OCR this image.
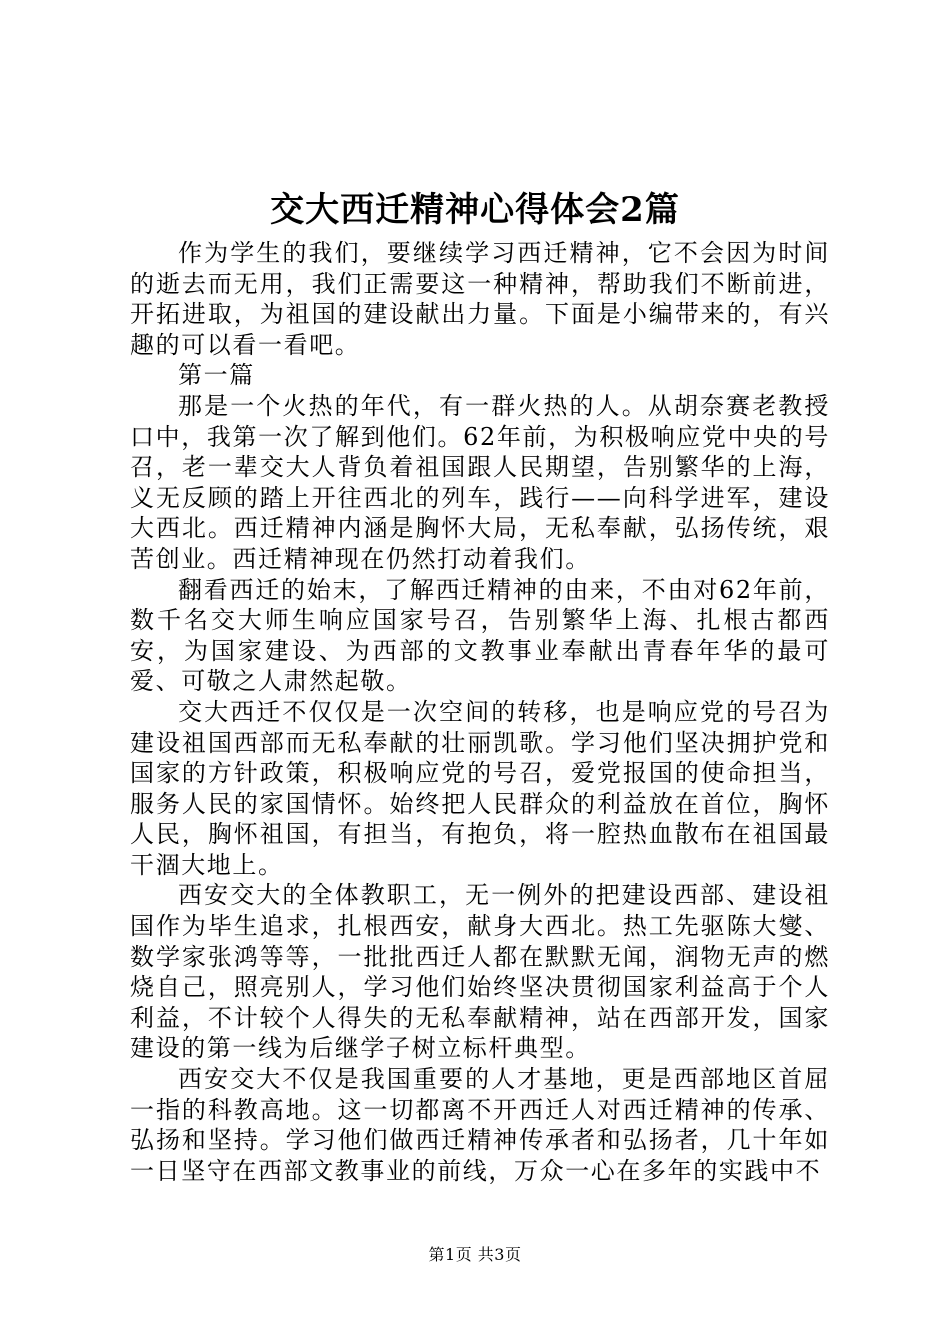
交大西迁精神心得体会2篇

作为学生的我们，要继续学习西迁精神，它不会因为时间的逝去而无用，我们正需要这一种精神，帮助我们不断前进，开拓进取，为祖国的建设献出力量。下面是小编带来的，有兴趣的可以看一看吧。

第一篇

那是一个火热的年代，有一群火热的人。从胡奈赛老教授口中，我第一次了解到他们。62年前，为积极响应党中央的号召，老一辈交大人背负着祖国跟人民期望，告别繁华的上海，义无反顾的踏上开往西北的列车，践行——向科学进军，建设大西北。西迁精神内涵是胸怀大局，无私奉献，弘扬传统，艰苦创业。西迁精神现在仍然打动着我们。

翻看西迁的始末，了解西迁精神的由来，不由对62年前，数千名交大师生响应国家号召，告别繁华上海、扎根古都西安，为国家建设、为西部的文教事业奉献出青春年华的最可爱、可敬之人肃然起敬。

交大西迁不仅仅是一次空间的转移，也是响应党的号召为建设祖国西部而无私奉献的壮丽凯歌。学习他们坚决拥护党和国家的方针政策，积极响应党的号召，爱党报国的使命担当，服务人民的家国情怀。始终把人民群众的利益放在首位，胸怀人民，胸怀祖国，有担当，有抱负，将一腔热血散布在祖国最干涸大地上。

西安交大的全体教职工，无一例外的把建设西部、建设祖国作为毕生追求，扎根西安，献身大西北。热工先驱陈大燮、数学家张鸿等等，一批批西迁人都在默默无闻，润物无声的燃烧自己，照亮别人，学习他们始终坚决贯彻国家利益高于个人利益，不计较个人得失的无私奉献精神，站在西部开发，国家建设的第一线为后继学子树立标杆典型。

西安交大不仅是我国重要的人才基地，更是西部地区首屈一指的科教高地。这一切都离不开西迁人对西迁精神的传承、弘扬和坚持。学习他们做西迁精神传承者和弘扬者，几十年如一日坚守在西部文教事业的前线，万众一心在多年的实践中不

第1页 共3页
